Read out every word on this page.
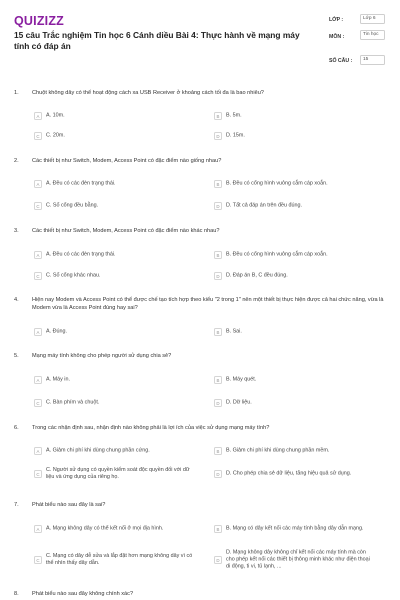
QUIZIZZ
15 câu Trắc nghiệm Tin học 6 Cánh diều Bài 4: Thực hành về mạng máy tính có đáp án
LỚP :	Lớp 6
MÔN :	Tin học
SỐ CÂU :	15
1.	Chuột không dây có thể hoạt động cách xa USB Receiver ở khoảng cách tối đa là bao nhiêu?
A	A. 10m.	B	B. 5m.
C	C. 20m.	D	D. 15m.
2.	Các thiết bị như Switch, Modem, Access Point có đặc điểm nào giống nhau?
A	A. Đều có các đèn trạng thái.	B	B. Đều có cổng hình vuông cắm cáp xoắn.
C	C. Số cổng đều bằng.	D	D. Tất cả đáp án trên đều đúng.
3.	Các thiết bị như Switch, Modem, Access Point có đặc điểm nào khác nhau?
A	A. Đều có các đèn trạng thái.	B	B. Đều có cổng hình vuông cắm cáp xoắn.
C	C. Số cổng khác nhau.	D	D. Đáp án B, C đều đúng.
4.	Hiện nay Modem và Access Point có thể được chế tạo tích hợp theo kiểu "2 trong 1" nên một thiết bị thực hiện được cả hai chức năng, vừa là Modem vừa là Access Point đúng hay sai?
A	A. Đúng.	B	B. Sai.
5.	Mạng máy tính không cho phép người sử dụng chia sẻ?
A	A. Máy in.	B	B. Máy quét.
C	C. Bàn phím và chuột.	D	D. Dữ liệu.
6.	Trong các nhận định sau, nhận định nào không phải là lợi ích của việc sử dụng mạng máy tính?
A	A. Giảm chi phí khi dùng chung phần cứng.	B	B. Giảm chi phí khi dùng chung phần mềm.
C
C. Người sử dụng có quyền kiểm soát độc quyền đối với dữ liệu và ứng dụng của riêng họ.	D	D. Cho phép chia sẻ dữ liệu, tăng hiệu quả sử dụng.
7.	Phát biểu nào sau đây là sai?
A	A. Mạng không dây có thể kết nối ở mọi địa hình.	B	B. Mạng có dây kết nối các máy tính bằng dây dẫn mạng.
C
C. Mạng có dây dễ sửa và lắp đặt hơn mạng không dây vì có thể nhìn thấy dây dẫn.	D
D. Mạng không dây không chỉ kết nối các máy tính mà còn cho phép kết nối các thiết bị thông minh khác như điện thoại di động, ti vi, tủ lạnh, ...
8.	Phát biểu nào sau đây không chính xác?
